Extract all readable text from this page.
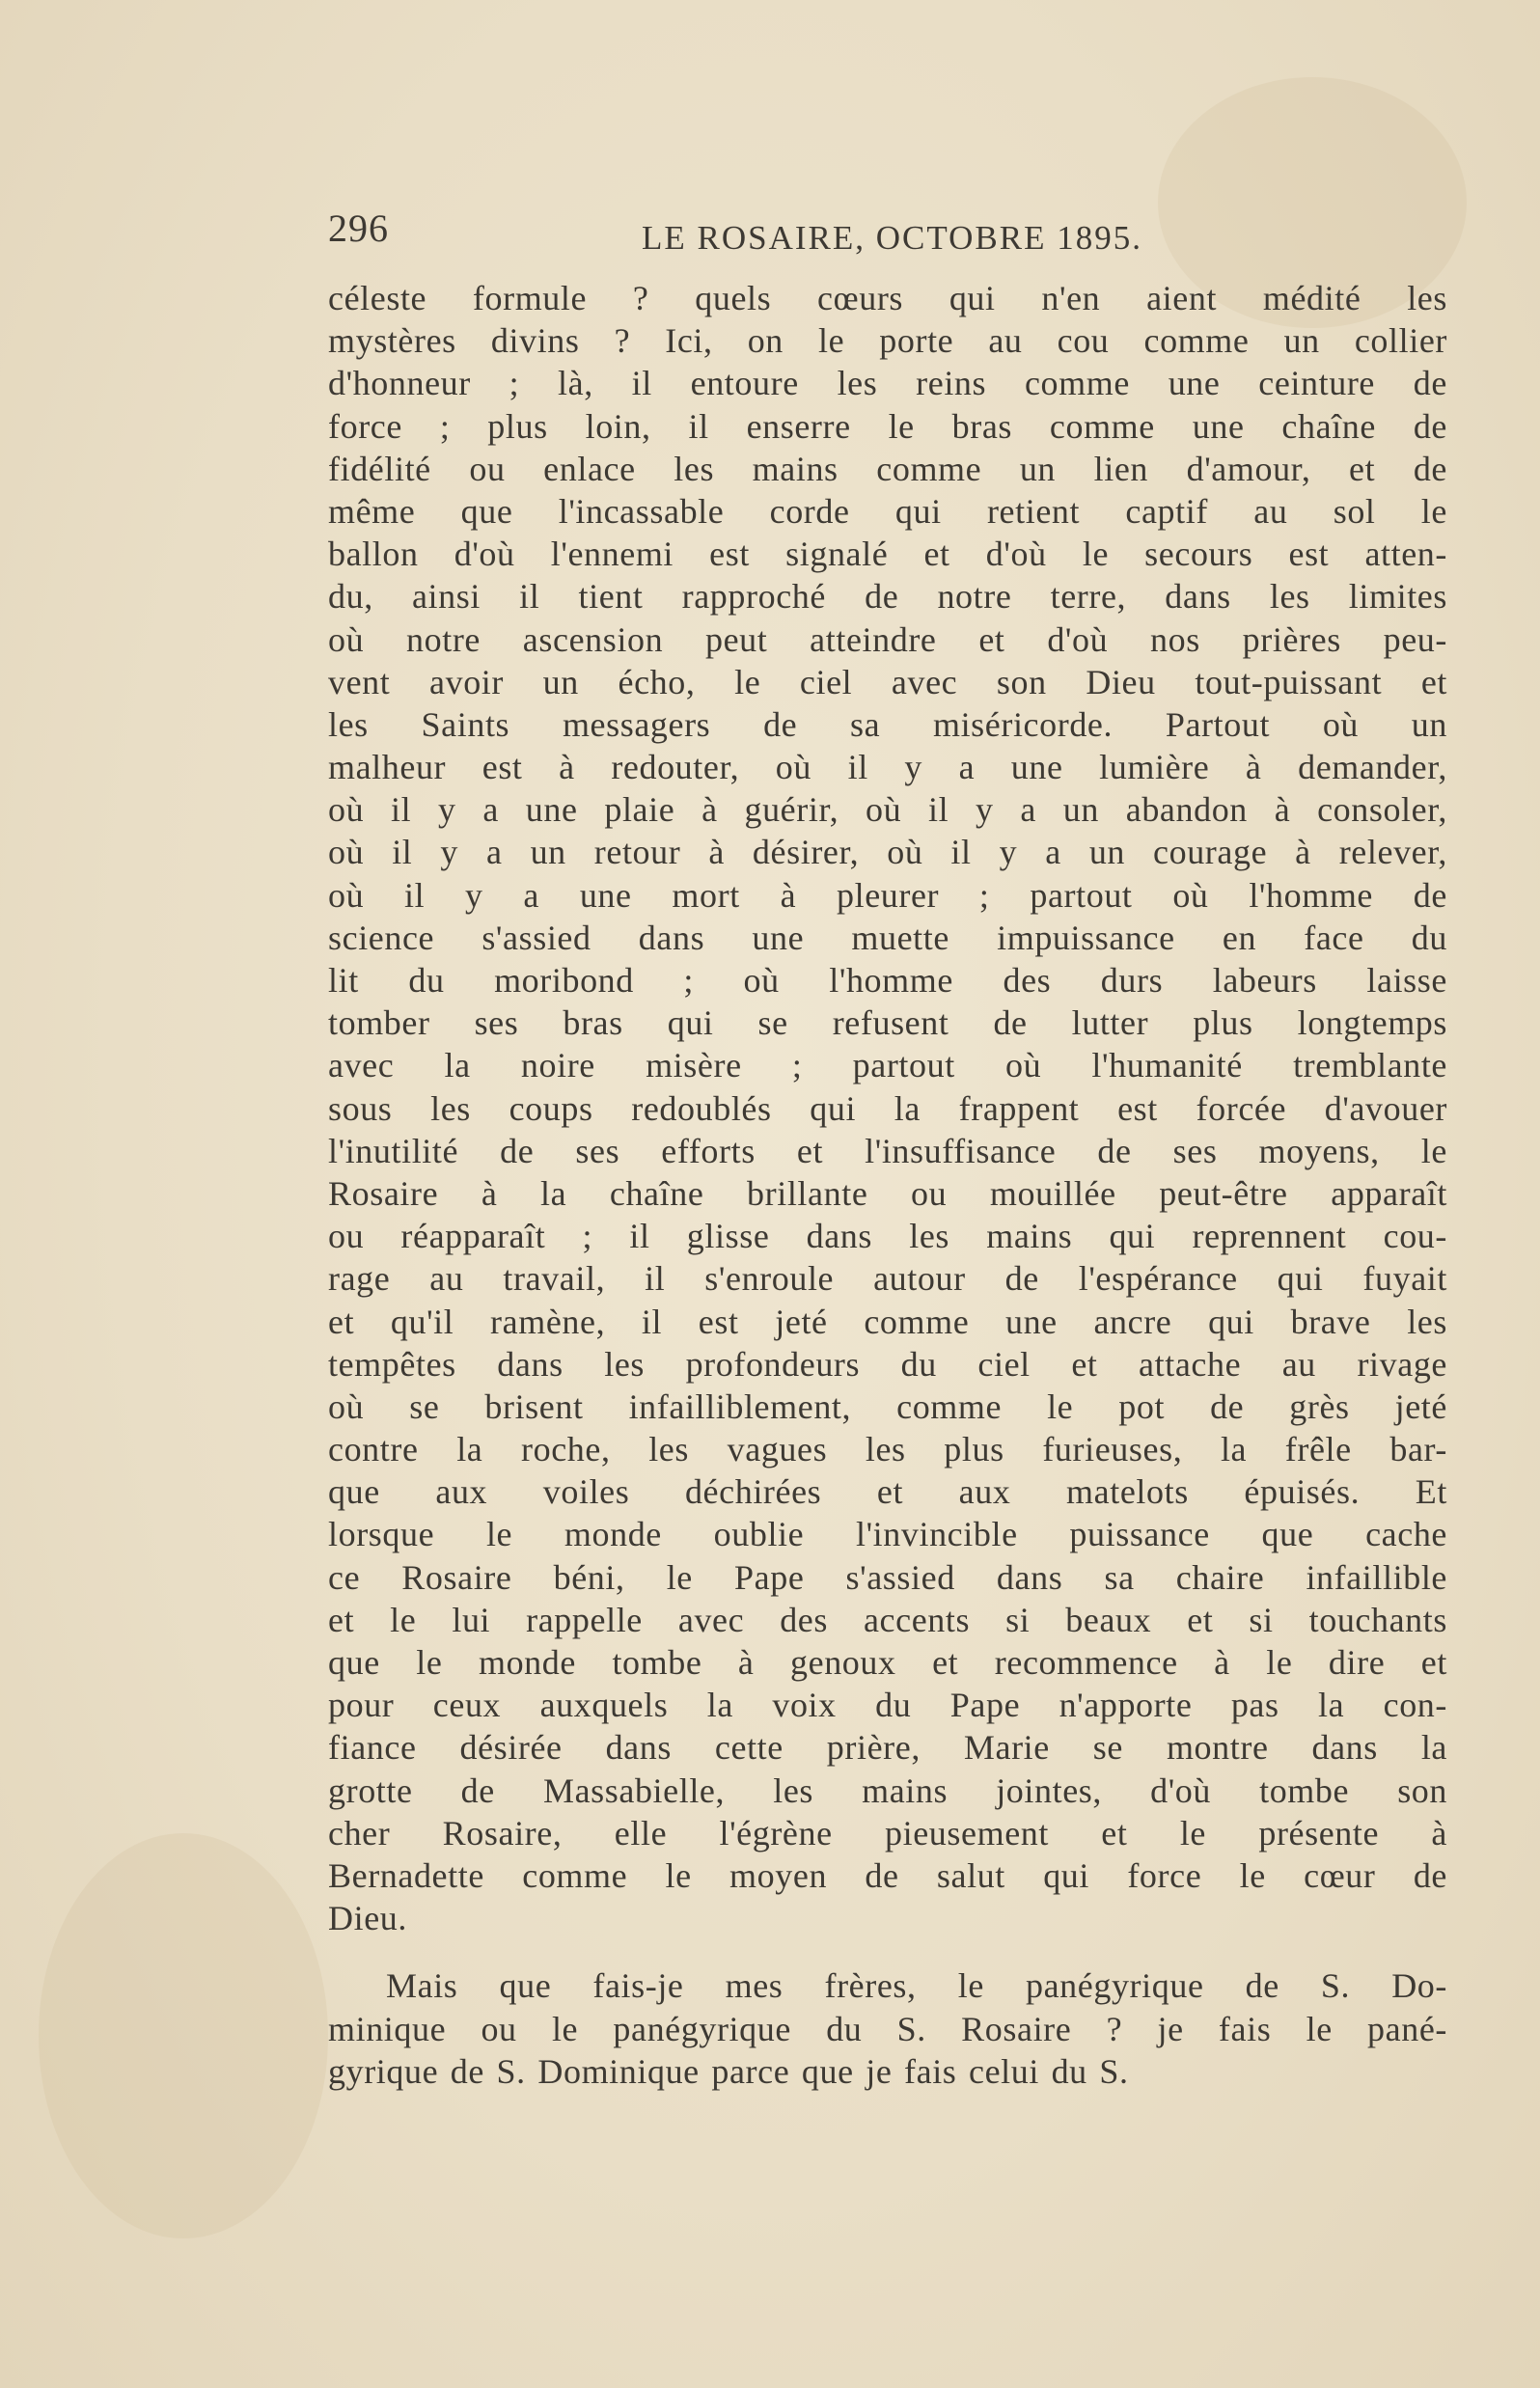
296	LE ROSAIRE, OCTOBRE 1895.
céleste formule ? quels cœurs qui n'en aient médité les
mystères divins ? Ici, on le porte au cou comme un collier
d'honneur ; là, il entoure les reins comme une ceinture de
force ; plus loin, il enserre le bras comme une chaîne de
fidélité ou enlace les mains comme un lien d'amour, et de
même que l'incassable corde qui retient captif au sol le
ballon d'où l'ennemi est signalé et d'où le secours est atten-
du, ainsi il tient rapproché de notre terre, dans les limites
où notre ascension peut atteindre et d'où nos prières peu-
vent avoir un écho, le ciel avec son Dieu tout-puissant et
les Saints messagers de sa miséricorde. Partout où un
malheur est à redouter, où il y a une lumière à demander,
où il y a une plaie à guérir, où il y a un abandon à consoler,
où il y a un retour à désirer, où il y a un courage à relever,
où il y a une mort à pleurer ; partout où l'homme de
science s'assied dans une muette impuissance en face du
lit du moribond ; où l'homme des durs labeurs laisse
tomber ses bras qui se refusent de lutter plus longtemps
avec la noire misère ; partout où l'humanité tremblante
sous les coups redoublés qui la frappent est forcée d'avouer
l'inutilité de ses efforts et l'insuffisance de ses moyens, le
Rosaire à la chaîne brillante ou mouillée peut-être apparaît
ou réapparaît ; il glisse dans les mains qui reprennent cou-
rage au travail, il s'enroule autour de l'espérance qui fuyait
et qu'il ramène, il est jeté comme une ancre qui brave les
tempêtes dans les profondeurs du ciel et attache au rivage
où se brisent infailliblement, comme le pot de grès jeté
contre la roche, les vagues les plus furieuses, la frêle bar-
que aux voiles déchirées et aux matelots épuisés. Et
lorsque le monde oublie l'invincible puissance que cache
ce Rosaire béni, le Pape s'assied dans sa chaire infaillible
et le lui rappelle avec des accents si beaux et si touchants
que le monde tombe à genoux et recommence à le dire et
pour ceux auxquels la voix du Pape n'apporte pas la con-
fiance désirée dans cette prière, Marie se montre dans la
grotte de Massabielle, les mains jointes, d'où tombe son
cher Rosaire, elle l'égrène pieusement et le présente à
Bernadette comme le moyen de salut qui force le cœur de
Dieu.
Mais que fais-je mes frères, le panégyrique de S. Do-
minique ou le panégyrique du S. Rosaire ? je fais le pané-
gyrique de S. Dominique parce que je fais celui du S.
